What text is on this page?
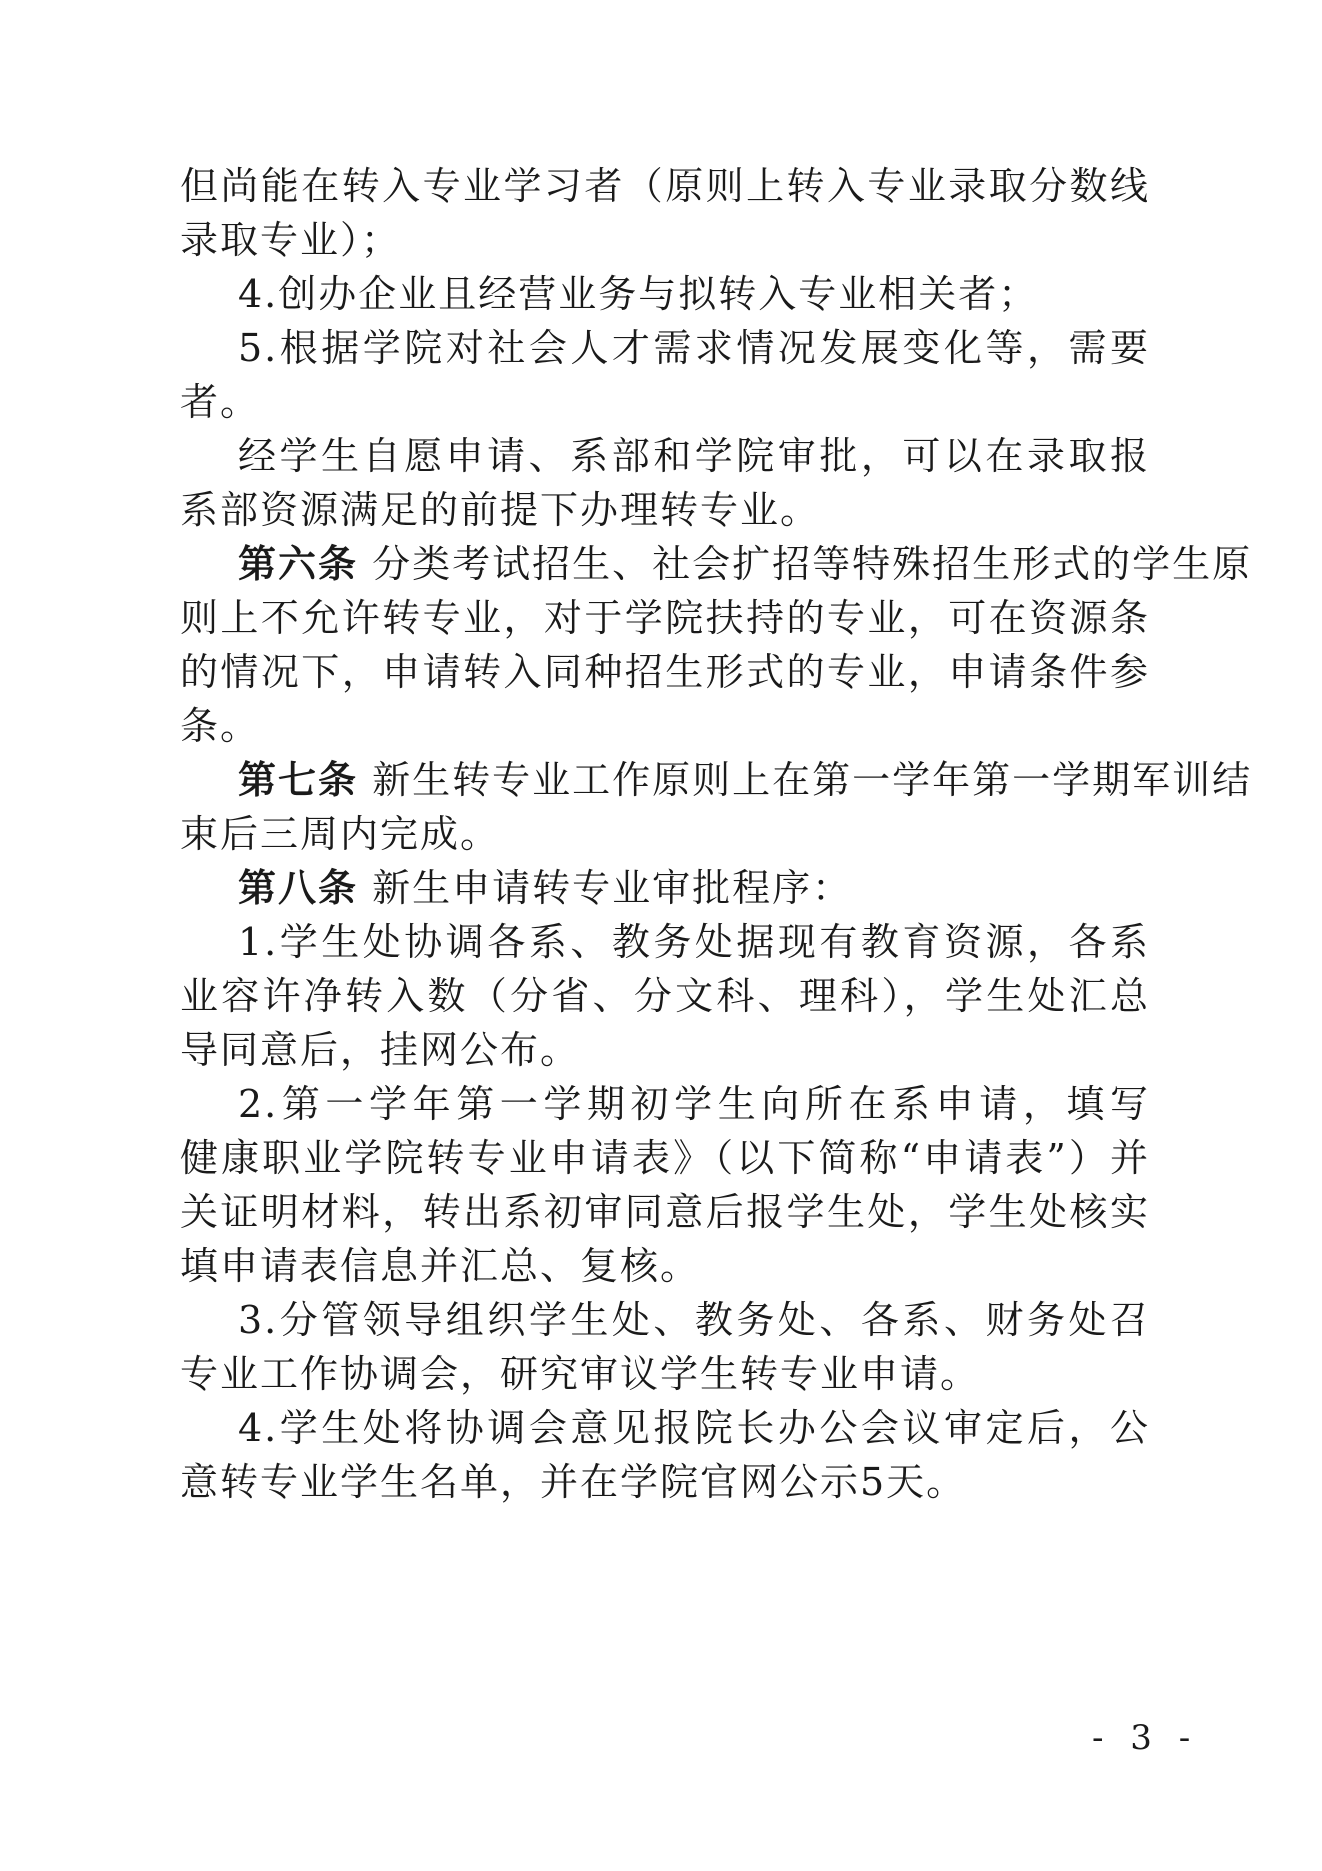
但尚能在转入专业学习者（原则上转入专业录取分数线
录取专业）；
4.创办企业且经营业务与拟转入专业相关者；
5.根据学院对社会人才需求情况发展变化等，需要
者。
经学生自愿申请、系部和学院审批，可以在录取报
系部资源满足的前提下办理转专业。
第六条 分类考试招生、社会扩招等特殊招生形式的学生原
则上不允许转专业，对于学院扶持的专业，可在资源条
的情况下，申请转入同种招生形式的专业，申请条件参
条。
第七条 新生转专业工作原则上在第一学年第一学期军训结
束后三周内完成。
第八条 新生申请转专业审批程序：
1.学生处协调各系、教务处据现有教育资源，各系
业容许净转入数（分省、分文科、理科），学生处汇总
导同意后，挂网公布。
2.第一学年第一学期初学生向所在系申请，填写
健康职业学院转专业申请表》（以下简称“申请表”）并
关证明材料，转出系初审同意后报学生处，学生处核实
填申请表信息并汇总、复核。
3.分管领导组织学生处、教务处、各系、财务处召
专业工作协调会，研究审议学生转专业申请。
4.学生处将协调会意见报院长办公会议审定后，公
意转专业学生名单，并在学院官网公示5天。
- 3 -
